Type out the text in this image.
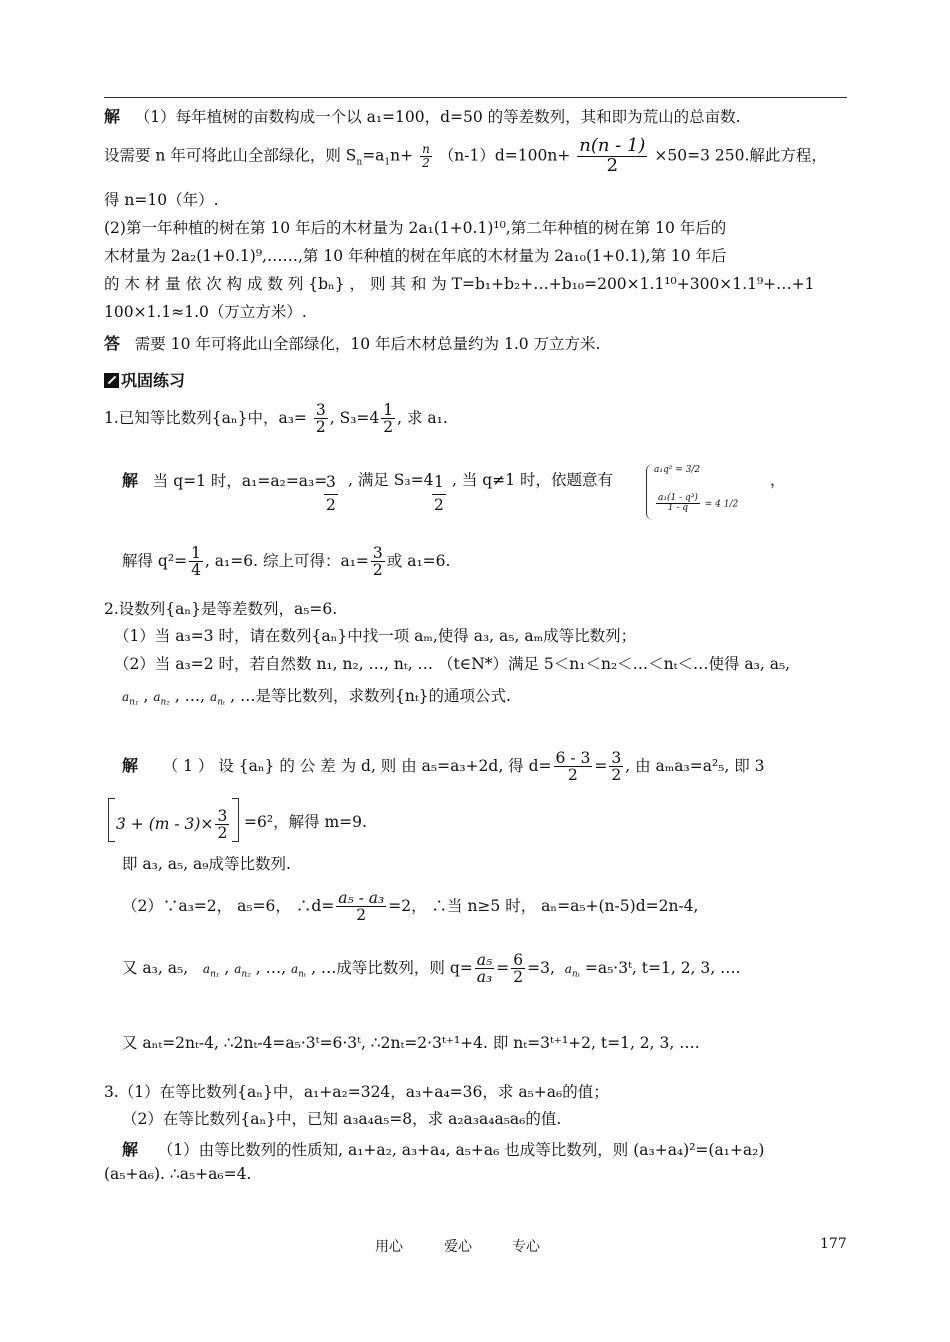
解 （1）每年植树的亩数构成一个以 a₁=100，d=50 的等差数列，其和即为荒山的总亩数.
设需要 n 年可将此山全部绿化，则 $S_n=a_1n+ \frac{n}{2} (n-1)d=100n+ \frac{n(n - 1)}{2} \times 50=3$ 250.解此方程，
得 n=10（年）.
(2)第一年种植的树在第 10 年后的木材量为 2a₁(1+0.1)¹⁰,第二年种植的树在第 10 年后的
木材量为 2a₂(1+0.1)⁹,……,第 10 年种植的树在年底的木材量为 2a₁₀(1+0.1),第 10 年后
的 木 材 量 依 次 构 成 数 列 {bₙ} ， 则 其 和 为 T=b₁+b₂+…+b₁₀=200×1.1¹⁰+300×1.1⁹+…+1
100×1.1≈1.0（万立方米）.
答 需要 10 年可将此山全部绿化，10 年后木材总量约为 1.0 万立方米.
巩固练习
1.已知等比数列{aₙ}中，$a_3= \frac{3}{2}$ , $S_3=4 \frac{1}{2}$ , 求 a₁.
解 当 q=1 时，a₁=a₂=a₃=
$\frac{3}{2}$ , 满足 S₃=4
$\frac{1}{2}$ , 当 q≠1 时，依题意有
a₁q² = 3/2
$\frac{\text{a₁(1 - q³)}}{1 - q} = 4$ 1/2
，
解得 $q^2= \frac{1}{4}$ , a₁=6. 综上可得：$a_1= \frac{3}{2}$ 或 a₁=6.
2.设数列{aₙ}是等差数列，a₅=6.
（1）当 a₃=3 时，请在数列{aₙ}中找一项 aₘ,使得 a₃, a₅, aₘ成等比数列；
（2）当 a₃=2 时，若自然数 n₁, n₂, …, nₜ, … （t∈N*）满足 5＜n₁＜n₂＜…＜nₜ＜…使得 a₃, a₅,
$a_{n_1}$ , $a_{n_2}$ , …, $a_{n_t}$ , …是等比数列，求数列{nₜ}的通项公式.
解 （ 1 ） 设 {aₙ} 的 公 差 为 d, 则 由 a₅=a₃+2d, 得 $d= \frac{6 - 3}{2} = \frac{3}{2}$ , 由 aₘa₃=a²₅, 即 3
$3 + (m - 3)\times \frac{3}{2} =6^2$，解得 m=9.
即 a₃, a₅, a₉成等比数列.
（2）∵a₃=2， a₅=6， ∴d= $\frac{\text{a₅ - a₃}}{2} =2$， ∴当 n≥5 时， aₙ=a₅+(n-5)d=2n-4,
又 a₃, a₅, $a_{n_1}$ , $a_{n_2}$ , …, $a_{n_t}$ , …成等比数列，则 $q= \frac{\text{a₅}}{\text{a₃}} = \frac{6}{2} =3$, $a_{n_t}$ =a₅·3ᵗ, t=1, 2, 3, ….
又 aₙₜ=2nₜ-4, ∴2nₜ-4=a₅·3ᵗ=6·3ᵗ, ∴2nₜ=2·3ᵗ⁺¹+4. 即 nₜ=3ᵗ⁺¹+2, t=1, 2, 3, ….
3.（1）在等比数列{aₙ}中，a₁+a₂=324，a₃+a₄=36，求 a₅+a₆的值；
（2）在等比数列{aₙ}中，已知 a₃a₄a₅=8，求 a₂a₃a₄a₅a₆的值.
解 （1）由等比数列的性质知, a₁+a₂, a₃+a₄, a₅+a₆ 也成等比数列，则 (a₃+a₄)²=(a₁+a₂)
(a₅+a₆). ∴a₅+a₆=4.
用心	爱心	专心	177
